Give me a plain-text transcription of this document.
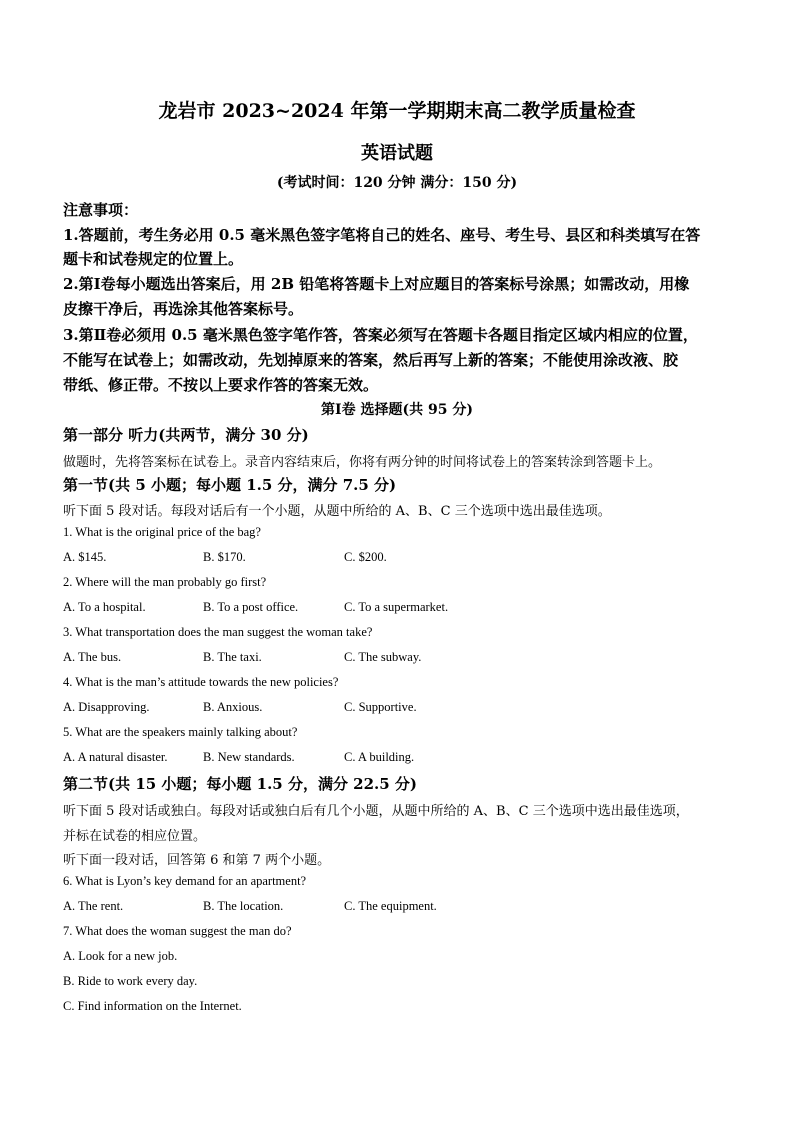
龙岩市 2023~2024 年第一学期期末高二教学质量检查
英语试题
(考试时间：120 分钟 满分：150 分)
注意事项：
1.答题前，考生务必用 0.5 毫米黑色签字笔将自己的姓名、座号、考生号、县区和科类填写在答
题卡和试卷规定的位置上。
2.第Ⅰ卷每小题选出答案后，用 2B 铅笔将答题卡上对应题目的答案标号涂黑；如需改动，用橡
皮擦干净后，再选涂其他答案标号。
3.第Ⅱ卷必须用 0.5 毫米黑色签字笔作答，答案必须写在答题卡各题目指定区域内相应的位置，
不能写在试卷上；如需改动，先划掉原来的答案，然后再写上新的答案；不能使用涂改液、胶
带纸、修正带。不按以上要求作答的答案无效。
第Ⅰ卷 选择题(共 95 分)
第一部分 听力(共两节，满分 30 分)
做题时，先将答案标在试卷上。录音内容结束后，你将有两分钟的时间将试卷上的答案转涂到答题卡上。
第一节(共 5 小题；每小题 1.5 分，满分 7.5 分)
听下面 5 段对话。每段对话后有一个小题，从题中所给的 A、B、C 三个选项中选出最佳选项。
1. What is the original price of the bag?
A. $145.	B. $170.	C. $200.
2. Where will the man probably go first?
A. To a hospital.	B. To a post office.	C. To a supermarket.
3. What transportation does the man suggest the woman take?
A. The bus.	B. The taxi.	C. The subway.
4. What is the man’s attitude towards the new policies?
A. Disapproving.	B. Anxious.	C. Supportive.
5. What are the speakers mainly talking about?
A. A natural disaster.	B. New standards.	C. A building.
第二节(共 15 小题；每小题 1.5 分，满分 22.5 分)
听下面 5 段对话或独白。每段对话或独白后有几个小题，从题中所给的 A、B、C 三个选项中选出最佳选项，
并标在试卷的相应位置。
听下面一段对话，回答第 6 和第 7 两个小题。
6. What is Lyon’s key demand for an apartment?
A. The rent.	B. The location.	C. The equipment.
7. What does the woman suggest the man do?
A. Look for a new job.
B. Ride to work every day.
C. Find information on the Internet.
